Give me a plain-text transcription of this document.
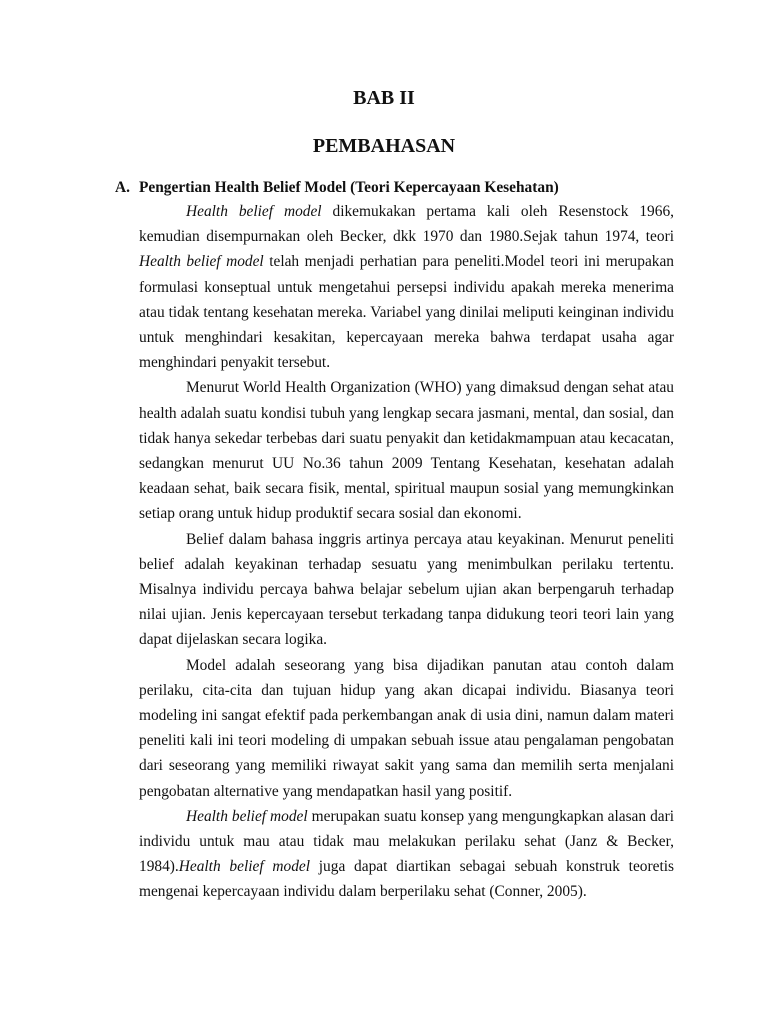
BAB II
PEMBAHASAN
A. Pengertian Health Belief Model (Teori Kepercayaan Kesehatan)

Health belief model dikemukakan pertama kali oleh Resenstock 1966, kemudian disempurnakan oleh Becker, dkk 1970 dan 1980.Sejak tahun 1974, teori Health belief model telah menjadi perhatian para peneliti.Model teori ini merupakan formulasi konseptual untuk mengetahui persepsi individu apakah mereka menerima atau tidak tentang kesehatan mereka. Variabel yang dinilai meliputi keinginan individu untuk menghindari kesakitan, kepercayaan mereka bahwa terdapat usaha agar menghindari penyakit tersebut.

Menurut World Health Organization (WHO) yang dimaksud dengan sehat atau health adalah suatu kondisi tubuh yang lengkap secara jasmani, mental, dan sosial, dan tidak hanya sekedar terbebas dari suatu penyakit dan ketidakmampuan atau kecacatan, sedangkan menurut UU No.36 tahun 2009 Tentang Kesehatan, kesehatan adalah keadaan sehat, baik secara fisik, mental, spiritual maupun sosial yang memungkinkan setiap orang untuk hidup produktif secara sosial dan ekonomi.

Belief dalam bahasa inggris artinya percaya atau keyakinan. Menurut peneliti belief adalah keyakinan terhadap sesuatu yang menimbulkan perilaku tertentu. Misalnya individu percaya bahwa belajar sebelum ujian akan berpengaruh terhadap nilai ujian. Jenis kepercayaan tersebut terkadang tanpa didukung teori teori lain yang dapat dijelaskan secara logika.

Model adalah seseorang yang bisa dijadikan panutan atau contoh dalam perilaku, cita-cita dan tujuan hidup yang akan dicapai individu. Biasanya teori modeling ini sangat efektif pada perkembangan anak di usia dini, namun dalam materi peneliti kali ini teori modeling di umpakan sebuah issue atau pengalaman pengobatan dari seseorang yang memiliki riwayat sakit yang sama dan memilih serta menjalani pengobatan alternative yang mendapatkan hasil yang positif.

Health belief model merupakan suatu konsep yang mengungkapkan alasan dari individu untuk mau atau tidak mau melakukan perilaku sehat (Janz & Becker, 1984).Health belief model juga dapat diartikan sebagai sebuah konstruk teoretis mengenai kepercayaan individu dalam berperilaku sehat (Conner, 2005).
